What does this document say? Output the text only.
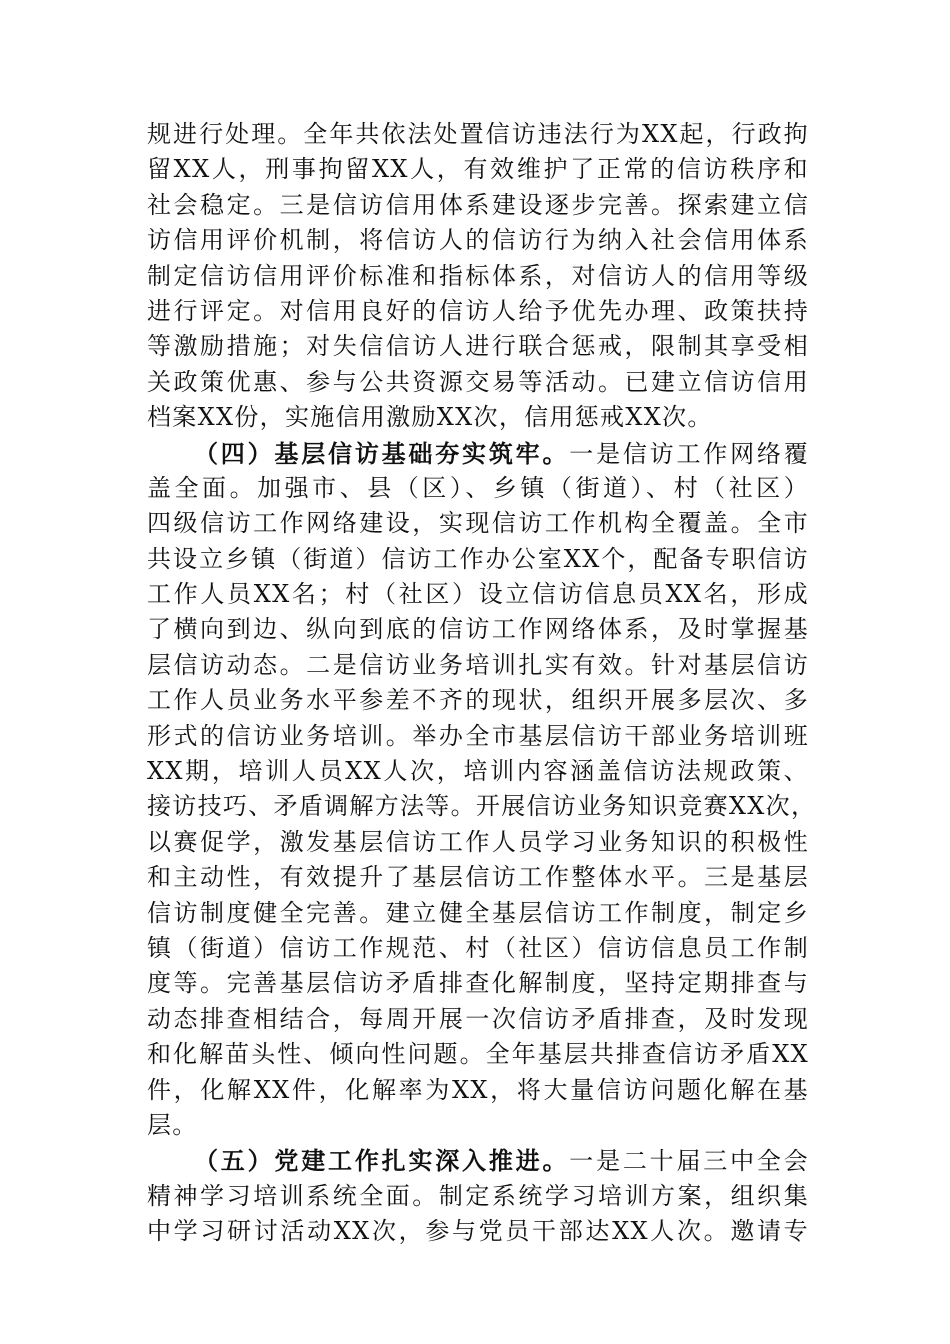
规进行处理。全年共依法处置信访违法行为XX起，行政拘
留XX人，刑事拘留XX人，有效维护了正常的信访秩序和
社会稳定。三是信访信用体系建设逐步完善。探索建立信
访信用评价机制，将信访人的信访行为纳入社会信用体系
制定信访信用评价标准和指标体系，对信访人的信用等级
进行评定。对信用良好的信访人给予优先办理、政策扶持
等激励措施；对失信信访人进行联合惩戒，限制其享受相
关政策优惠、参与公共资源交易等活动。已建立信访信用
档案XX份，实施信用激励XX次，信用惩戒XX次。
（四）基层信访基础夯实筑牢。一是信访工作网络覆
盖全面。加强市、县（区）、乡镇（街道）、村（社区）
四级信访工作网络建设，实现信访工作机构全覆盖。全市
共设立乡镇（街道）信访工作办公室XX个，配备专职信访
工作人员XX名；村（社区）设立信访信息员XX名，形成
了横向到边、纵向到底的信访工作网络体系，及时掌握基
层信访动态。二是信访业务培训扎实有效。针对基层信访
工作人员业务水平参差不齐的现状，组织开展多层次、多
形式的信访业务培训。举办全市基层信访干部业务培训班
XX期，培训人员XX人次，培训内容涵盖信访法规政策、
接访技巧、矛盾调解方法等。开展信访业务知识竞赛XX次，
以赛促学，激发基层信访工作人员学习业务知识的积极性
和主动性，有效提升了基层信访工作整体水平。三是基层
信访制度健全完善。建立健全基层信访工作制度，制定乡
镇（街道）信访工作规范、村（社区）信访信息员工作制
度等。完善基层信访矛盾排查化解制度，坚持定期排查与
动态排查相结合，每周开展一次信访矛盾排查，及时发现
和化解苗头性、倾向性问题。全年基层共排查信访矛盾XX
件，化解XX件，化解率为XX，将大量信访问题化解在基
层。
（五）党建工作扎实深入推进。一是二十届三中全会
精神学习培训系统全面。制定系统学习培训方案，组织集
中学习研讨活动XX次，参与党员干部达XX人次。邀请专
